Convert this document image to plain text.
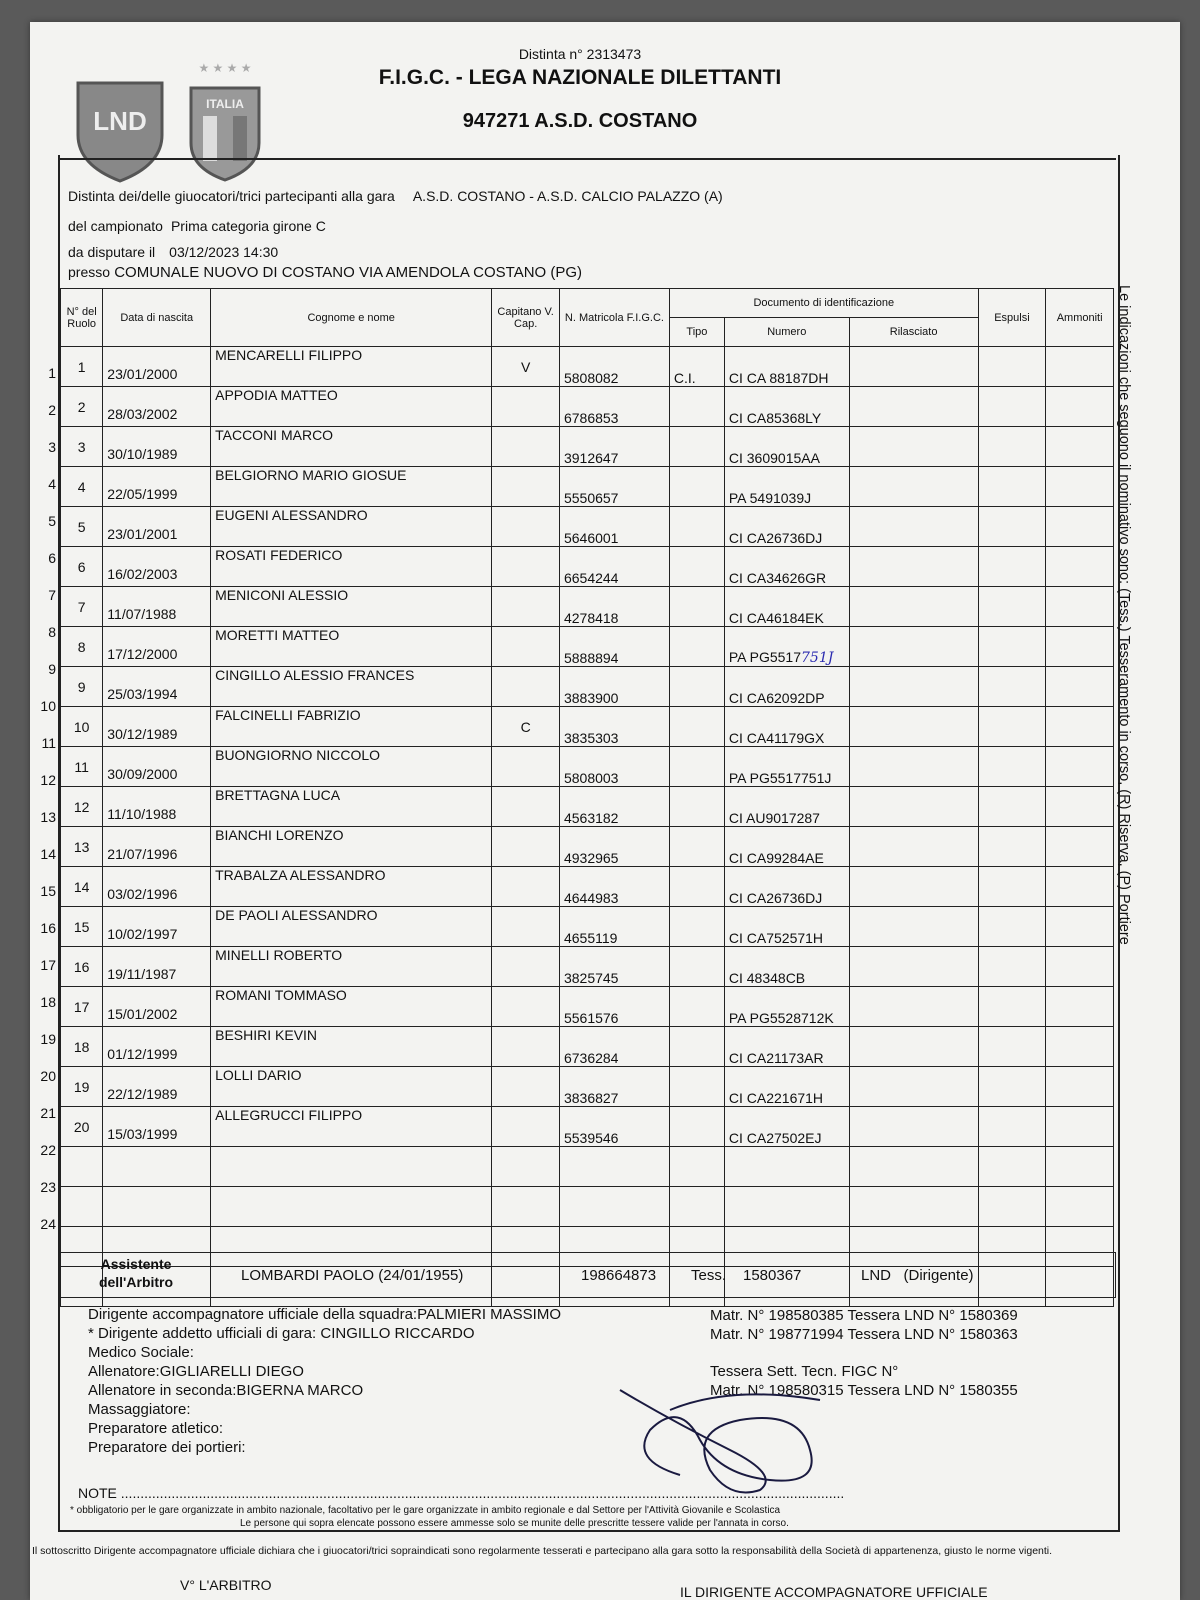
LND
★ ★ ★ ★
ITALIA
Distinta n° 2313473
F.I.G.C. - LEGA NAZIONALE DILETTANTI
947271 A.S.D. COSTANO
Distinta dei/delle giuocatori/trici partecipanti alla gara A.S.D. COSTANO - A.S.D. CALCIO PALAZZO (A)
del campionato Prima categoria girone C
da disputare il 03/12/2023 14:30
presso COMUNALE NUOVO DI COSTANO VIA AMENDOLA COSTANO (PG)
1
2
3
4
5
6
7
8
9
10
11
12
13
14
15
16
17
18
19
20
21
22
23
24
N° del Ruolo	Data di nascita	Cognome e nome	Capitano V. Cap.	N. Matricola F.I.G.C.	Documento di identificazione			Espulsi	Ammoniti
					Tipo	Numero	Rilasciato		
1	23/01/2000	MENCARELLI FILIPPO	V	5808082	C.I.	CI CA 88187DH			
2	28/03/2002	APPODIA MATTEO		6786853		CI CA85368LY			
3	30/10/1989	TACCONI MARCO		3912647		CI 3609015AA			
4	22/05/1999	BELGIORNO MARIO GIOSUE		5550657		PA 5491039J			
5	23/01/2001	EUGENI ALESSANDRO		5646001		CI CA26736DJ			
6	16/02/2003	ROSATI FEDERICO		6654244		CI CA34626GR			
7	11/07/1988	MENICONI ALESSIO		4278418		CI CA46184EK			
8	17/12/2000	MORETTI MATTEO		5888894		PA PG5517751J			
9	25/03/1994	CINGILLO ALESSIO FRANCES		3883900		CI CA62092DP			
10	30/12/1989	FALCINELLI FABRIZIO	C	3835303		CI CA41179GX			
11	30/09/2000	BUONGIORNO NICCOLO		5808003		PA PG5517751J			
12	11/10/1988	BRETTAGNA LUCA		4563182		CI AU9017287			
13	21/07/1996	BIANCHI LORENZO		4932965		CI CA99284AE			
14	03/02/1996	TRABALZA ALESSANDRO		4644983		CI CA26736DJ			
15	10/02/1997	DE PAOLI ALESSANDRO		4655119		CI CA752571H			
16	19/11/1987	MINELLI ROBERTO		3825745		CI 48348CB			
17	15/01/2002	ROMANI TOMMASO		5561576		PA PG5528712K			
18	01/12/1999	BESHIRI KEVIN		6736284		CI CA21173AR			
19	22/12/1989	LOLLI DARIO		3836827		CI CA221671H			
20	15/03/1999	ALLEGRUCCI FILIPPO		5539546		CI CA27502EJ			

Assistente dell'Arbitro	LOMBARDI PAOLO (24/01/1955)	198664873 Tess. 1580367	LND   (Dirigente)
Dirigente accompagnatore ufficiale della squadra:PALMIERI MASSIMO
* Dirigente addetto ufficiali di gara: CINGILLO RICCARDO
Medico Sociale:
Allenatore:GIGLIARELLI DIEGO
Allenatore in seconda:BIGERNA MARCO
Massaggiatore:
Preparatore atletico:
Preparatore dei portieri:
Matr. N° 198580385 Tessera LND N° 1580369
Matr. N° 198771994 Tessera LND N° 1580363
Tessera Sett. Tecn. FIGC N°
Matr. N° 198580315 Tessera LND N° 1580355
NOTE ..........................................................................................................................................................................................
* obbligatorio per le gare organizzate in ambito nazionale, facoltativo per le gare organizzate in ambito regionale e dal Settore per l'Attività Giovanile e Scolastica
Le persone qui sopra elencate possono essere ammesse solo se munite delle prescritte tessere valide per l'annata in corso.
Il sottoscritto Dirigente accompagnatore ufficiale dichiara che i giuocatori/trici sopraindicati sono regolarmente tesserati e partecipano alla gara sotto la responsabilità della Società di appartenenza, giusto le norme vigenti.
V° L'ARBITRO	IL DIRIGENTE ACCOMPAGNATORE UFFICIALE
Le indicazioni che seguono il nominativo sono: (Tess.) Tesseramento in corso, (R) Riserva, (P) Portiere
